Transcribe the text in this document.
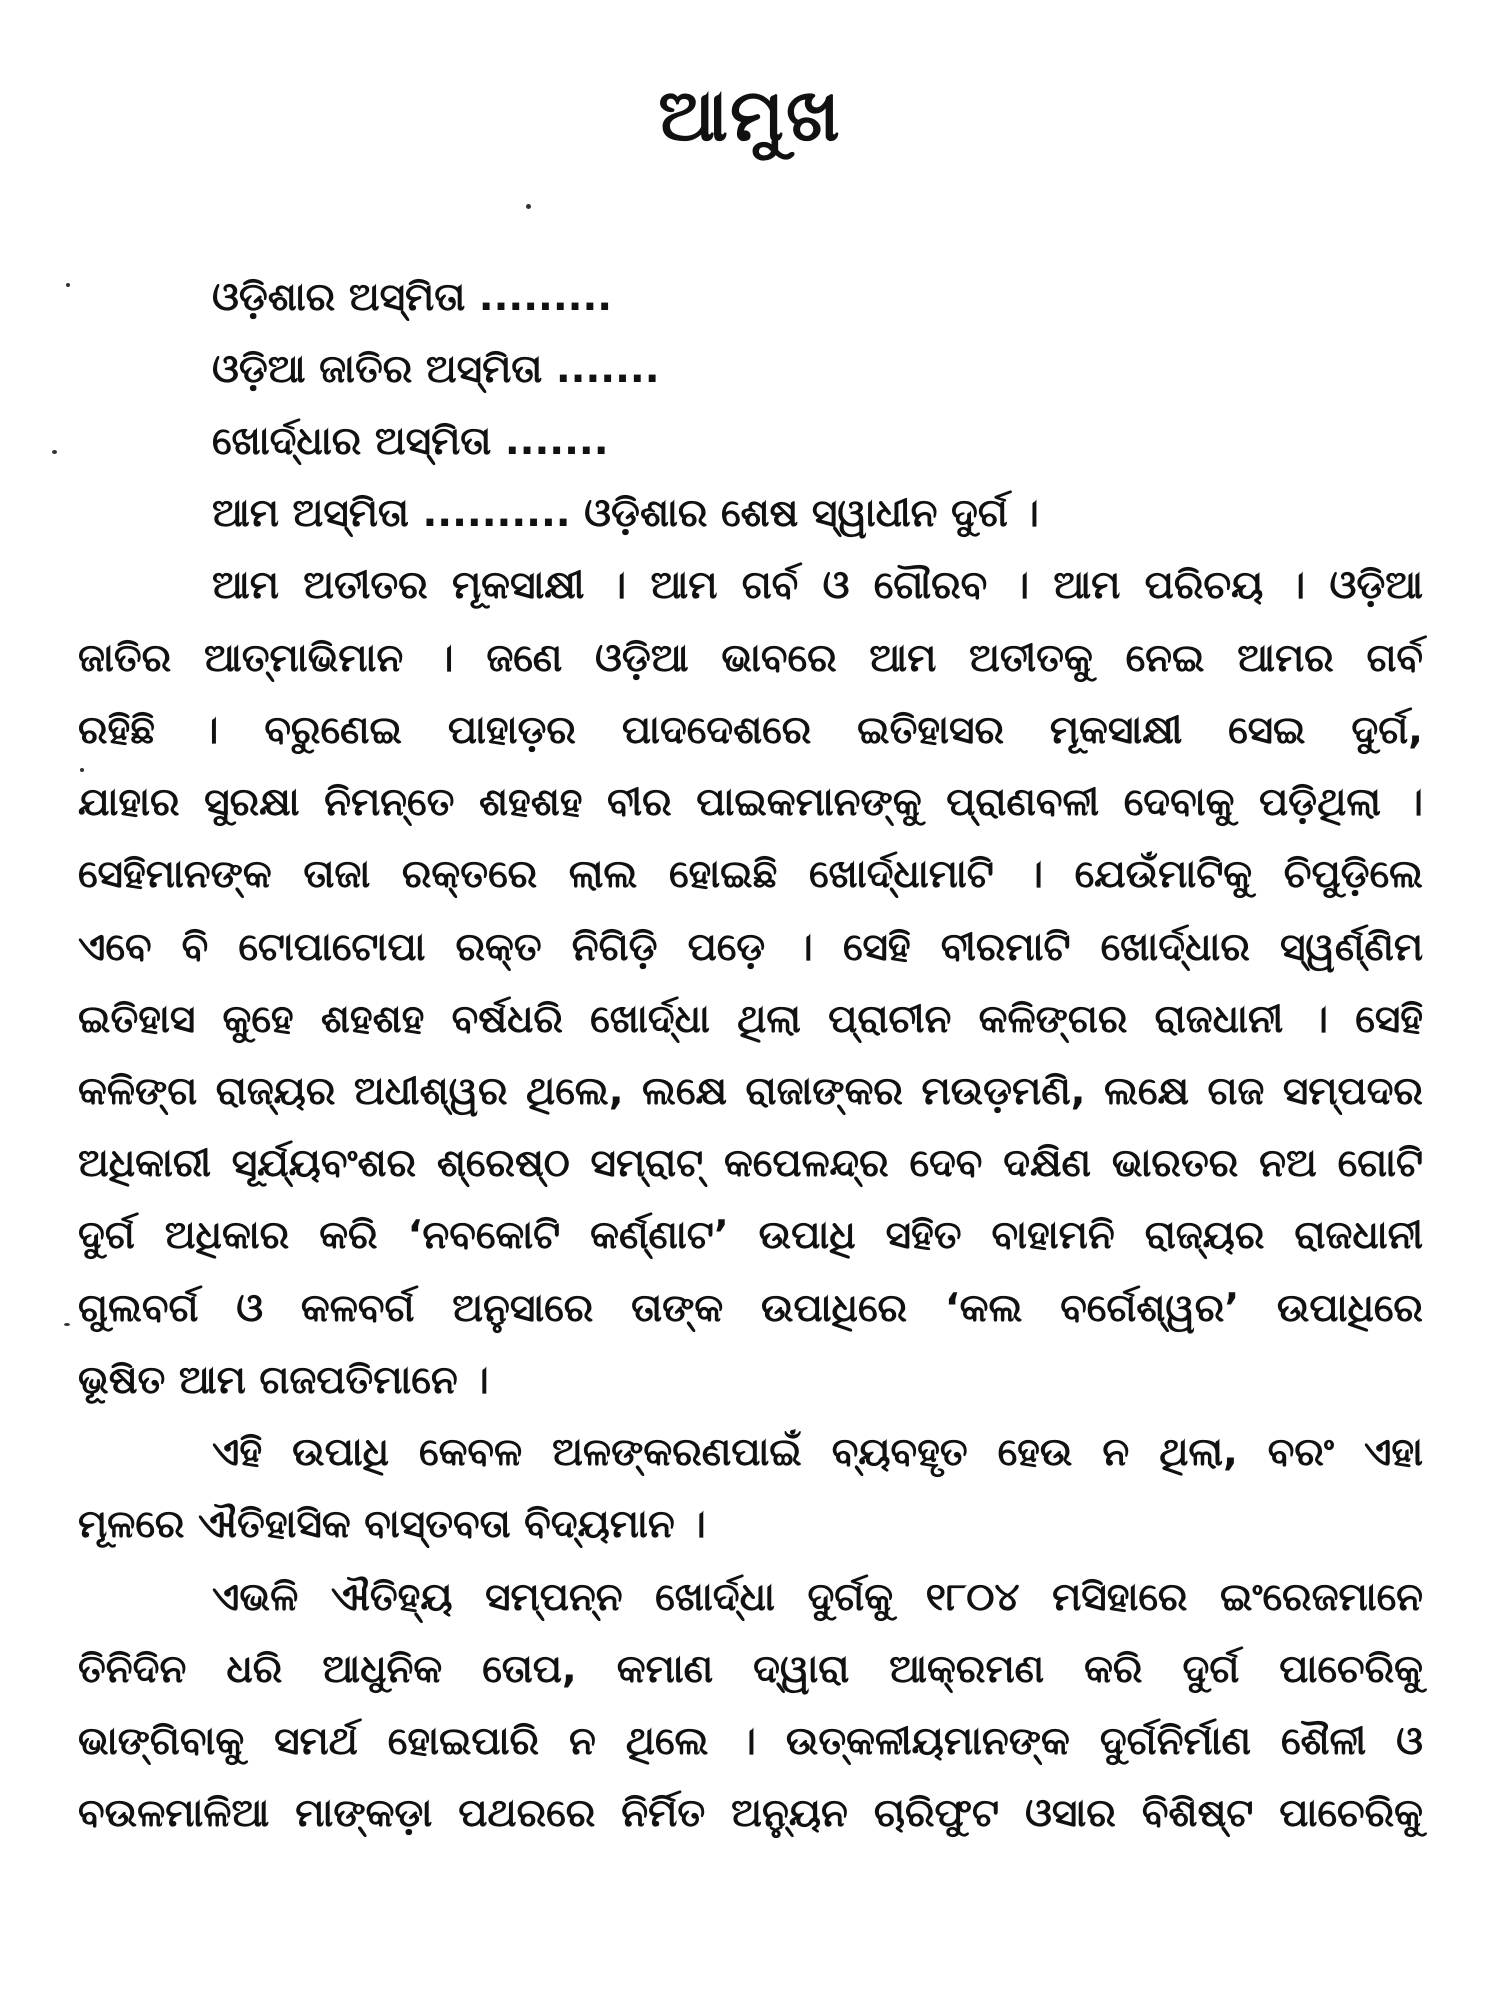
ଆମୁଖ
ଓଡ଼ିଶାର ଅସ୍ମିତା .........
ଓଡ଼ିଆ ଜାତିର ଅସ୍ମିତା .......
ଖୋର୍ଦ୍ଧାର ଅସ୍ମିତା .......
ଆମ ଅସ୍ମିତା .......... ଓଡ଼ିଶାର ଶେଷ ସ୍ୱାଧୀନ ଦୁର୍ଗ ।
ଆମ ଅତୀତର ମୂକସାକ୍ଷୀ । ଆମ ଗର୍ବ ଓ ଗୌରବ । ଆମ ପରିଚୟ । ଓଡ଼ିଆ
ଜାତିର ଆତ୍ମାଭିମାନ । ଜଣେ ଓଡ଼ିଆ ଭାବରେ ଆମ ଅତୀତକୁ ନେଇ ଆମର ଗର୍ବ
ରହିଛି । ବରୁଣେଇ ପାହାଡ଼ର ପାଦଦେଶରେ ଇତିହାସର ମୂକସାକ୍ଷୀ ସେଇ ଦୁର୍ଗ,
ଯାହାର ସୁରକ୍ଷା ନିମନ୍ତେ ଶହଶହ ବୀର ପାଇକମାନଙ୍କୁ ପ୍ରାଣବଳୀ ଦେବାକୁ ପଡ଼ିଥିଲା ।
ସେହିମାନଙ୍କ ତାଜା ରକ୍ତରେ ଲାଲ ହୋଇଛି ଖୋର୍ଦ୍ଧାମାଟି । ଯେଉଁମାଟିକୁ ଚିପୁଡ଼ିଲେ
ଏବେ ବି ଟୋପାଟୋପା ରକ୍ତ ନିଗିଡ଼ି ପଡ଼େ । ସେହି ବୀରମାଟି ଖୋର୍ଦ୍ଧାର ସ୍ୱର୍ଣ୍ଣିମ
ଇତିହାସ କୁହେ ଶହଶହ ବର୍ଷଧରି ଖୋର୍ଦ୍ଧା ଥିଲା ପ୍ରାଚୀନ କଳିଙ୍ଗର ରାଜଧାନୀ । ସେହି
କଳିଙ୍ଗ ରାଜ୍ୟର ଅଧୀଶ୍ୱର ଥିଲେ, ଲକ୍ଷେ ରାଜାଙ୍କର ମଉଡ଼ମଣି, ଲକ୍ଷେ ଗଜ ସମ୍ପଦର
ଅଧିକାରୀ ସୂର୍ଯ୍ୟବଂଶର ଶ୍ରେଷ୍ଠ ସମ୍ରାଟ୍ କପେଳନ୍ଦ୍ର ଦେବ ଦକ୍ଷିଣ ଭାରତର ନଅ ଗୋଟି
ଦୁର୍ଗ ଅଧିକାର କରି ‘ନବକୋଟି କର୍ଣ୍ଣାଟ’ ଉପାଧି ସହିତ ବାହାମନି ରାଜ୍ୟର ରାଜଧାନୀ
ଗୁଲବର୍ଗ ଓ କଳବର୍ଗ ଅନୁସାରେ ତାଙ୍କ ଉପାଧିରେ ‘କଲ ବର୍ଗେଶ୍ୱର’ ଉପାଧିରେ
ଭୂଷିତ ଆମ ଗଜପତିମାନେ ।
ଏହି ଉପାଧି କେବଳ ଅଳଙ୍କରଣପାଇଁ ବ୍ୟବହୃତ ହେଉ ନ ଥିଲା, ବରଂ ଏହା
ମୂଳରେ ଐତିହାସିକ ବାସ୍ତବତା ବିଦ୍ୟମାନ ।
ଏଭଳି ଐତିହ୍ୟ ସମ୍ପନ୍ନ ଖୋର୍ଦ୍ଧା ଦୁର୍ଗକୁ ୧୮୦୪ ମସିହାରେ ଇଂରେଜମାନେ
ତିନିଦିନ ଧରି ଆଧୁନିକ ତୋପ, କମାଣ ଦ୍ୱାରା ଆକ୍ରମଣ କରି ଦୁର୍ଗ ପାଚେରିକୁ
ଭାଙ୍ଗିବାକୁ ସମର୍ଥ ହୋଇପାରି ନ ଥିଲେ । ଉତ୍କଳୀୟମାନଙ୍କ ଦୁର୍ଗନିର୍ମାଣ ଶୈଳୀ ଓ
ବଉଳମାଳିଆ ମାଙ୍କଡ଼ା ପଥରରେ ନିର୍ମିତ ଅନ୍ୟୁନ ଚାରିଫୁଟ ଓସାର ବିଶିଷ୍ଟ ପାଚେରିକୁ
